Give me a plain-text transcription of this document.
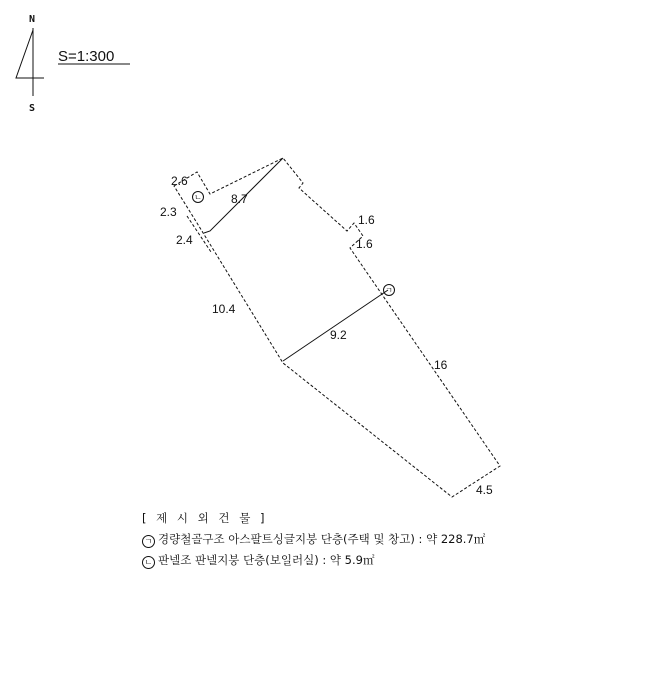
N
S
S=1:300
ㄴ
ㄱ
2.6
2.3
8.7
2.4
1.6
1.6
10.4
9.2
16
4.5
[ 제 시 외 건 물 ]
ㄱ 경량철골구조 아스팔트싱글지붕 단층(주택 및 창고) : 약 228.7㎡
ㄴ 판넬조 판넬지붕 단층(보일러실) : 약 5.9㎡
